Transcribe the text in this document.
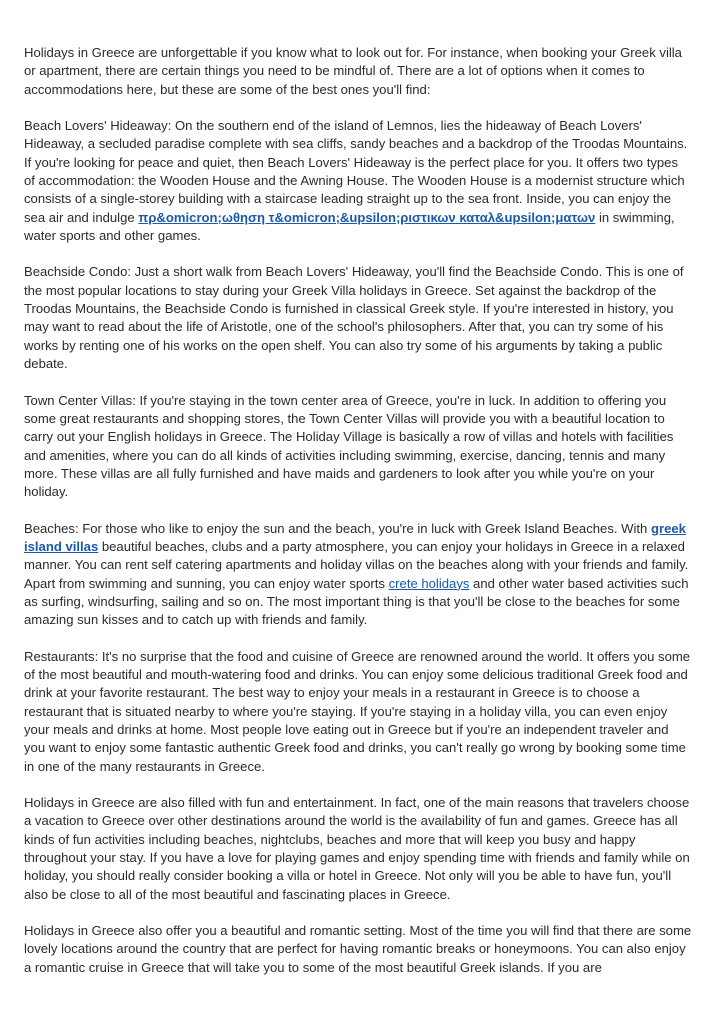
Holidays in Greece are unforgettable if you know what to look out for. For instance, when booking your Greek villa or apartment, there are certain things you need to be mindful of. There are a lot of options when it comes to accommodations here, but these are some of the best ones you'll find:

Beach Lovers' Hideaway: On the southern end of the island of Lemnos, lies the hideaway of Beach Lovers' Hideaway, a secluded paradise complete with sea cliffs, sandy beaches and a backdrop of the Troodas Mountains. If you're looking for peace and quiet, then Beach Lovers' Hideaway is the perfect place for you. It offers two types of accommodation: the Wooden House and the Awning House. The Wooden House is a modernist structure which consists of a single-storey building with a staircase leading straight up to the sea front. Inside, you can enjoy the sea air and indulge πρ&omicron;ωθηση τ&omicron;&upsilon;ριστικων καταλ&upsilon;ματων in swimming, water sports and other games.

Beachside Condo: Just a short walk from Beach Lovers' Hideaway, you'll find the Beachside Condo. This is one of the most popular locations to stay during your Greek Villa holidays in Greece. Set against the backdrop of the Troodas Mountains, the Beachside Condo is furnished in classical Greek style. If you're interested in history, you may want to read about the life of Aristotle, one of the school's philosophers. After that, you can try some of his works by renting one of his works on the open shelf. You can also try some of his arguments by taking a public debate.

Town Center Villas: If you're staying in the town center area of Greece, you're in luck. In addition to offering you some great restaurants and shopping stores, the Town Center Villas will provide you with a beautiful location to carry out your English holidays in Greece. The Holiday Village is basically a row of villas and hotels with facilities and amenities, where you can do all kinds of activities including swimming, exercise, dancing, tennis and many more. These villas are all fully furnished and have maids and gardeners to look after you while you're on your holiday.

Beaches: For those who like to enjoy the sun and the beach, you're in luck with Greek Island Beaches. With greek island villas beautiful beaches, clubs and a party atmosphere, you can enjoy your holidays in Greece in a relaxed manner. You can rent self catering apartments and holiday villas on the beaches along with your friends and family. Apart from swimming and sunning, you can enjoy water sports crete holidays and other water based activities such as surfing, windsurfing, sailing and so on. The most important thing is that you'll be close to the beaches for some amazing sun kisses and to catch up with friends and family.

Restaurants: It's no surprise that the food and cuisine of Greece are renowned around the world. It offers you some of the most beautiful and mouth-watering food and drinks. You can enjoy some delicious traditional Greek food and drink at your favorite restaurant. The best way to enjoy your meals in a restaurant in Greece is to choose a restaurant that is situated nearby to where you're staying. If you're staying in a holiday villa, you can even enjoy your meals and drinks at home. Most people love eating out in Greece but if you're an independent traveler and you want to enjoy some fantastic authentic Greek food and drinks, you can't really go wrong by booking some time in one of the many restaurants in Greece.

Holidays in Greece are also filled with fun and entertainment. In fact, one of the main reasons that travelers choose a vacation to Greece over other destinations around the world is the availability of fun and games. Greece has all kinds of fun activities including beaches, nightclubs, beaches and more that will keep you busy and happy throughout your stay. If you have a love for playing games and enjoy spending time with friends and family while on holiday, you should really consider booking a villa or hotel in Greece. Not only will you be able to have fun, you'll also be close to all of the most beautiful and fascinating places in Greece.

Holidays in Greece also offer you a beautiful and romantic setting. Most of the time you will find that there are some lovely locations around the country that are perfect for having romantic breaks or honeymoons. You can also enjoy a romantic cruise in Greece that will take you to some of the most beautiful Greek islands. If you are
